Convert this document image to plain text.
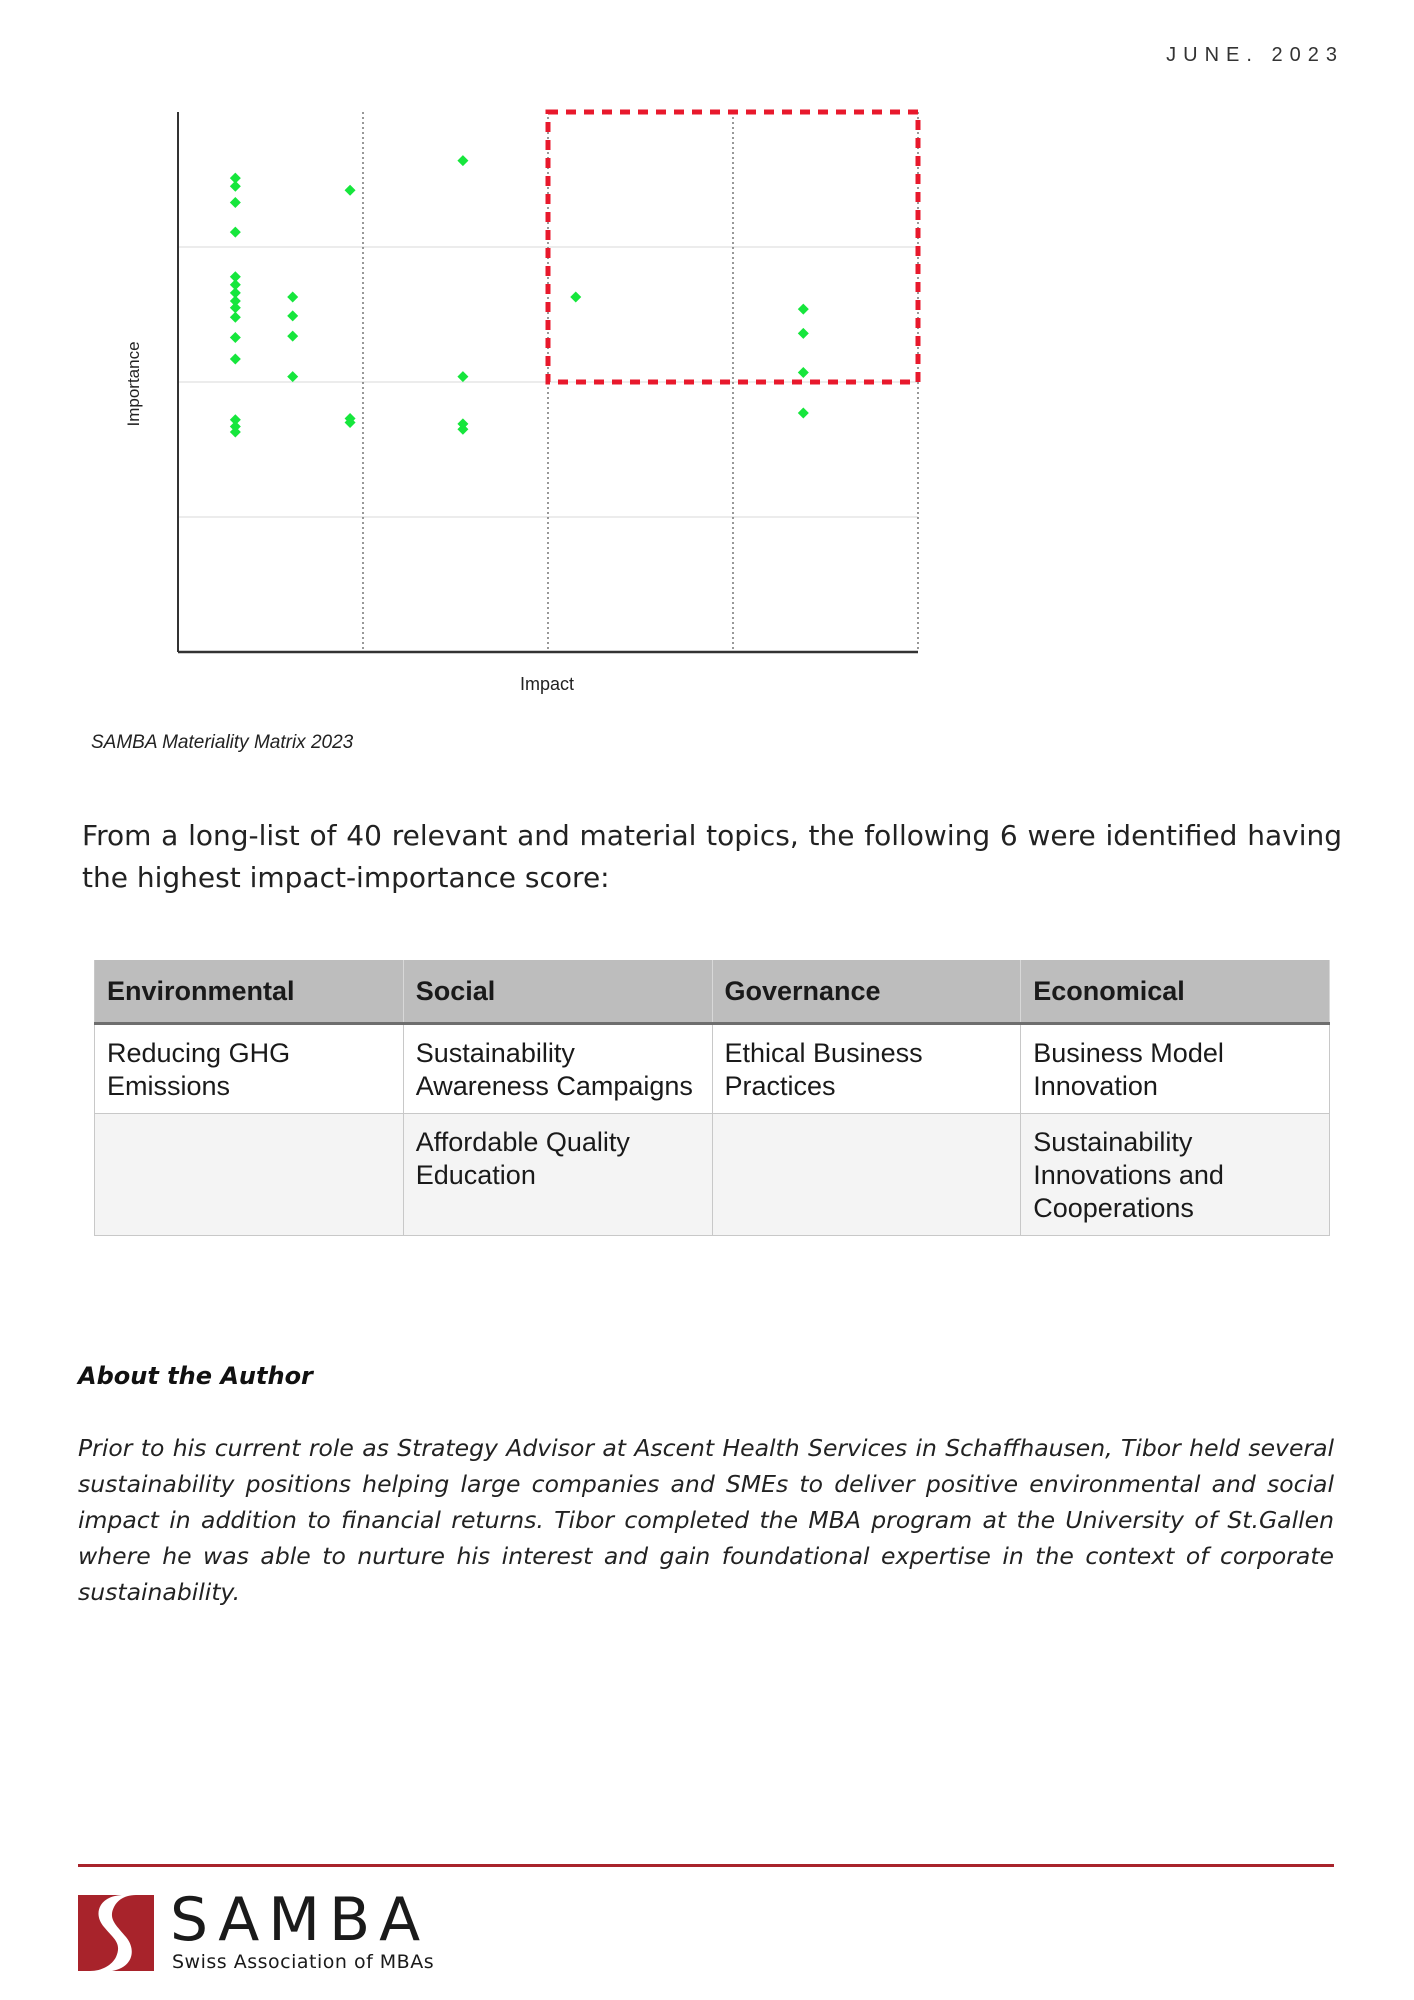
JUNE. 2023
Impact
Importance
SAMBA Materiality Matrix 2023

From a long-list of 40 relevant and material topics, the following 6 were identified having the highest impact-importance score:

Environmental	Social	Governance	Economical
Reducing GHG Emissions	Sustainability Awareness Campaigns	Ethical Business Practices	Business Model Innovation
	Affordable Quality Education		Sustainability Innovations and Cooperations
About the Author

Prior to his current role as Strategy Advisor at Ascent Health Services in Schaffhausen, Tibor held several sustainability positions helping large companies and SMEs to deliver positive environmental and social impact in addition to financial returns. Tibor completed the MBA program at the University of St.Gallen where he was able to nurture his interest and gain foundational expertise in the context of corporate sustainability.

SAMBA
Swiss Association of MBAs
